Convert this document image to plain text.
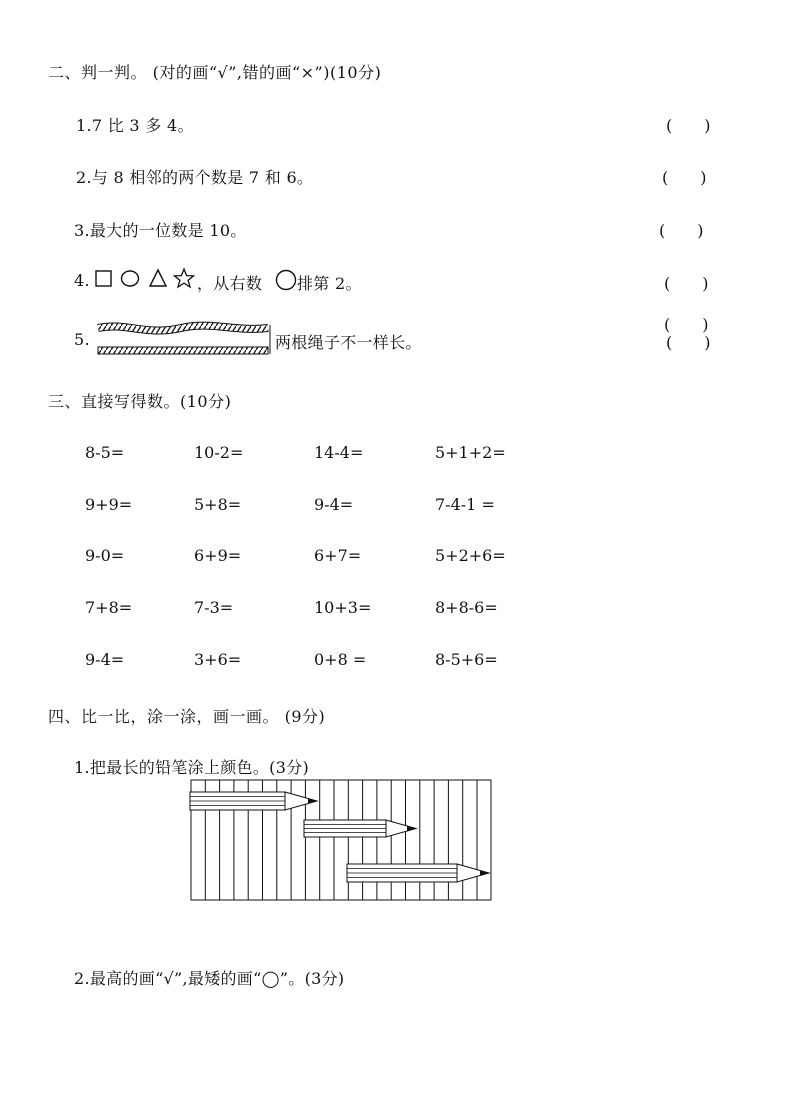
二、判一判。 (对的画“√”,错的画“×”)(10分)
1.7 比 3 多 4。	(　　)
2.与 8 相邻的两个数是 7 和 6。	(　　)
3.最大的一位数是 10。	(　　)
4.	，从右数 排第 2。	(　　)
5.	两根绳子不一样长。
(　　)
(　　)
三、直接写得数。(10分)
8-5=	10-2=	14-4=	5+1+2=
9+9=	5+8=	9-4=	7-4-1 =
9-0=	6+9=	6+7=	5+2+6=
7+8=	7-3=	10+3=	8+8-6=
9-4=	3+6=	0+8 =	8-5+6=
四、比一比，涂一涂，画一画。 (9分)
1.把最长的铅笔涂上颜色。(3分)
2.最高的画“√”,最矮的画“◯”。(3分)
